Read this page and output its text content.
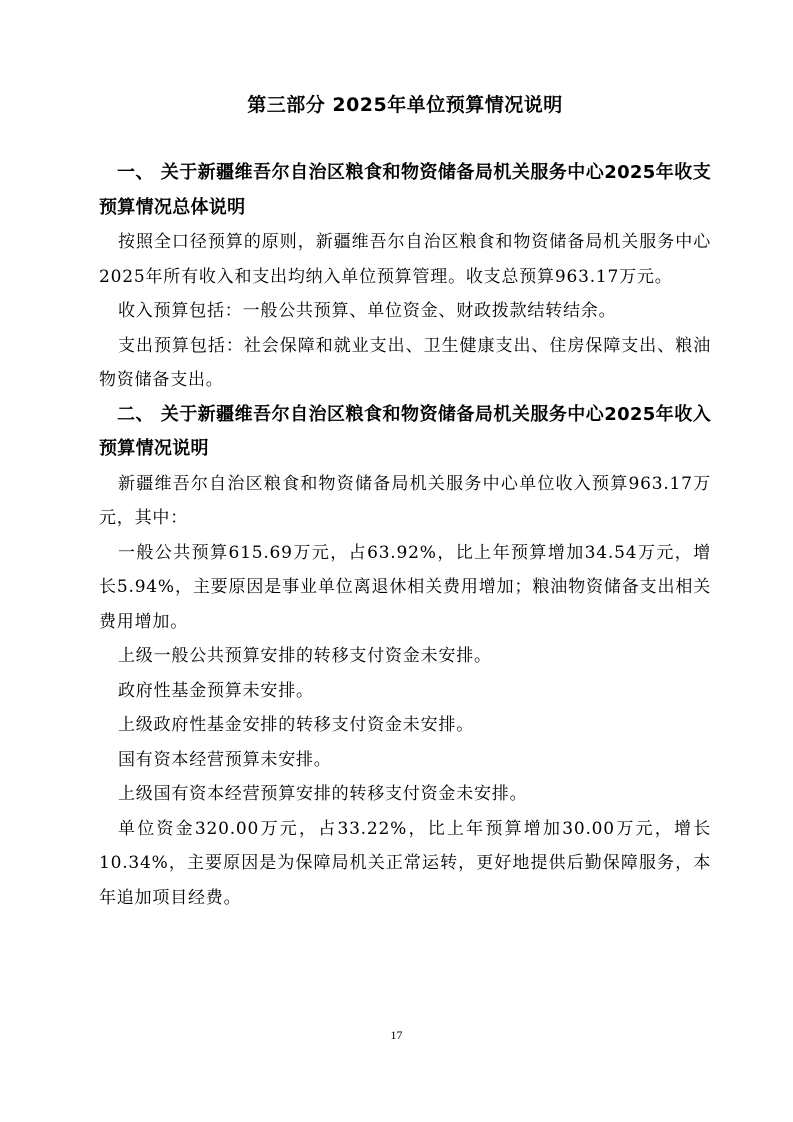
第三部分 2025年单位预算情况说明
一、 关于新疆维吾尔自治区粮食和物资储备局机关服务中心2025年收支预算情况总体说明

按照全口径预算的原则，新疆维吾尔自治区粮食和物资储备局机关服务中心2025年所有收入和支出均纳入单位预算管理。收支总预算963.17万元。

收入预算包括：一般公共预算、单位资金、财政拨款结转结余。

支出预算包括：社会保障和就业支出、卫生健康支出、住房保障支出、粮油物资储备支出。

二、 关于新疆维吾尔自治区粮食和物资储备局机关服务中心2025年收入预算情况说明

新疆维吾尔自治区粮食和物资储备局机关服务中心单位收入预算963.17万元，其中：

一般公共预算615.69万元，占63.92%，比上年预算增加34.54万元，增长5.94%，主要原因是事业单位离退休相关费用增加；粮油物资储备支出相关费用增加。

上级一般公共预算安排的转移支付资金未安排。

政府性基金预算未安排。

上级政府性基金安排的转移支付资金未安排。

国有资本经营预算未安排。

上级国有资本经营预算安排的转移支付资金未安排。

单位资金320.00万元，占33.22%，比上年预算增加30.00万元，增长10.34%，主要原因是为保障局机关正常运转，更好地提供后勤保障服务，本年追加项目经费。

17
